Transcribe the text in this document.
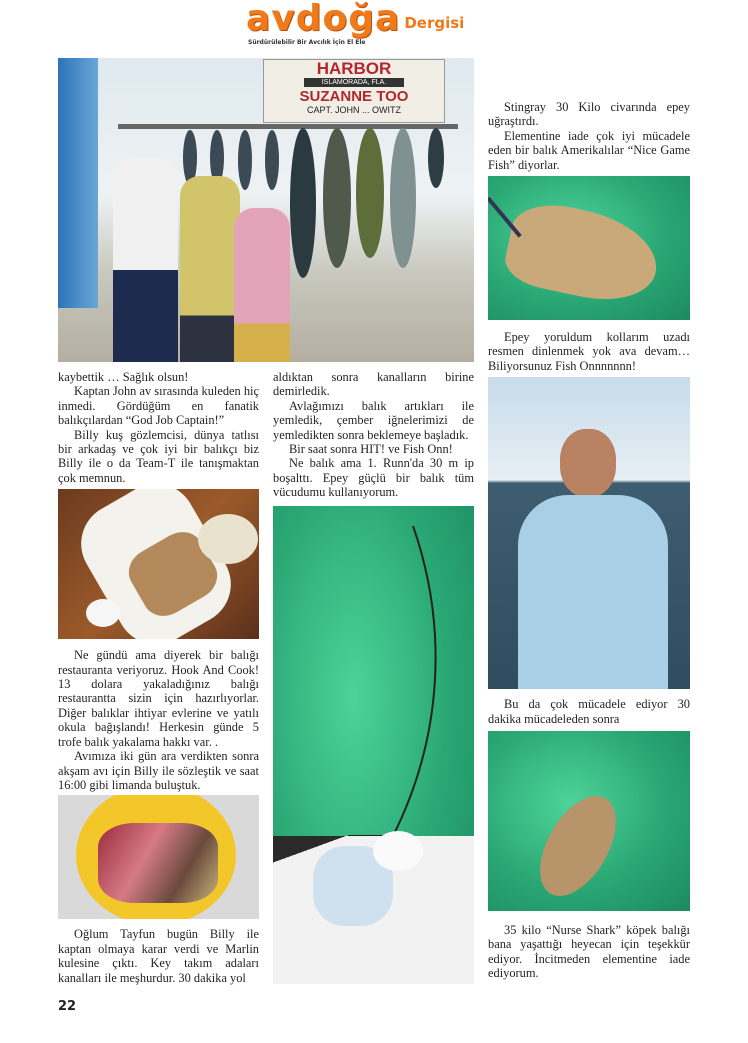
avdoğa Dergisi
Sürdürülebilir Bir Avcılık İçin El Ele
HARBOR
ISLAMORADA, FLA.
SUZANNE TOO
CAPT. JOHN ... OWITZ

kaybettik … Sağlık olsun!

Kaptan John av sırasında kuleden hiç inmedi. Gördüğüm en fanatik balıkçılardan “God Job Captain!”

Billy kuş gözlemcisi, dünya tatlısı bir arkadaş ve çok iyi bir balıkçı biz Billy ile o da Team-T ile tanışmaktan çok memnun.

Ne gündü ama diyerek bir balığı restauranta veriyoruz. Hook And Cook! 13 dolara yakaladığınız balığı restaurantta sizin için hazırlıyorlar. Diğer balıklar ihtiyar evlerine ve yatılı okula bağışlandı! Herkesin günde 5 trofe balık yakalama hakkı var. .

Avımıza iki gün ara verdikten sonra akşam avı için Billy ile sözleştik ve saat 16:00 gibi limanda buluştuk.

Oğlum Tayfun bugün Billy ile kaptan olmaya karar verdi ve Marlin kulesine çıktı. Key takım adaları kanalları ile meşhurdur. 30 dakika yol

aldıktan sonra kanalların birine demirledik.

Avlağımızı balık artıkları ile yemledik, çember iğnelerimizi de yemledikten sonra beklemeye başladık.

Bir saat sonra HIT! ve Fish Onn!

Ne balık ama 1. Runn'da 30 m ip boşalttı. Epey güçlü bir balık tüm vücudumu kullanıyorum.

Stingray 30 Kilo civarında epey uğraştırdı.

Elementine iade çok iyi mücadele eden bir balık Amerikalılar “Nice Game Fish” diyorlar.

Epey yoruldum kollarım uzadı resmen dinlenmek yok ava devam… Biliyorsunuz Fish Onnnnnnn!

Bu da çok mücadele ediyor 30 dakika mücadeleden sonra

35 kilo “Nurse Shark” köpek balığı bana yaşattığı heyecan için teşekkür ediyor. İncitmeden elementine iade ediyorum.

22
